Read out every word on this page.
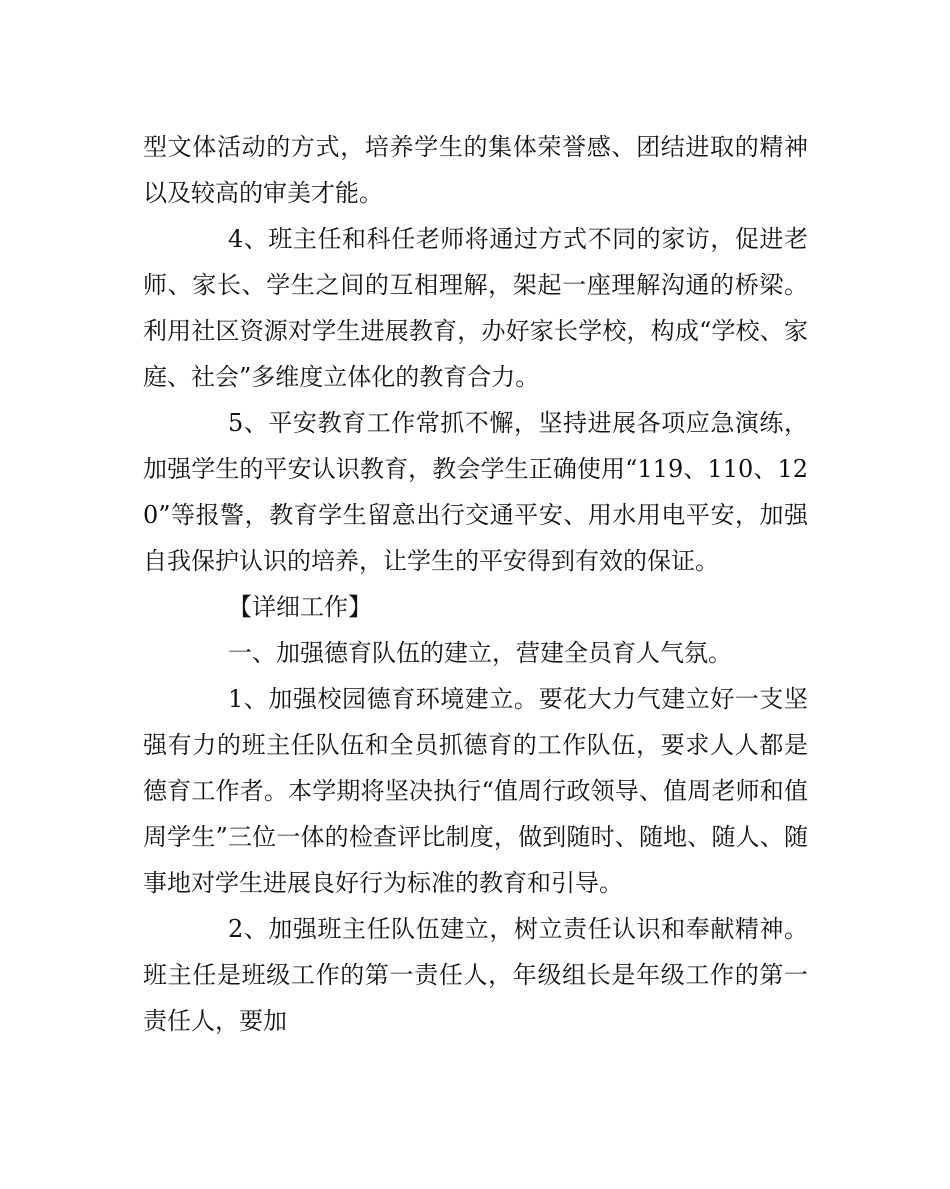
型文体活动的方式，培养学生的集体荣誉感、团结进取的精神以及较高的审美才能。

4、班主任和科任老师将通过方式不同的家访，促进老师、家长、学生之间的互相理解，架起一座理解沟通的桥梁。利用社区资源对学生进展教育，办好家长学校，构成“学校、家庭、社会”多维度立体化的教育合力。

5、平安教育工作常抓不懈，坚持进展各项应急演练，加强学生的平安认识教育，教会学生正确使用“119、110、120”等报警，教育学生留意出行交通平安、用水用电平安，加强自我保护认识的培养，让学生的平安得到有效的保证。

【详细工作】

一、加强德育队伍的建立，营建全员育人气氛。

1、加强校园德育环境建立。要花大力气建立好一支坚强有力的班主任队伍和全员抓德育的工作队伍，要求人人都是德育工作者。本学期将坚决执行“值周行政领导、值周老师和值周学生”三位一体的检查评比制度，做到随时、随地、随人、随事地对学生进展良好行为标准的教育和引导。

2、加强班主任队伍建立，树立责任认识和奉献精神。班主任是班级工作的第一责任人，年级组长是年级工作的第一责任人，要加
